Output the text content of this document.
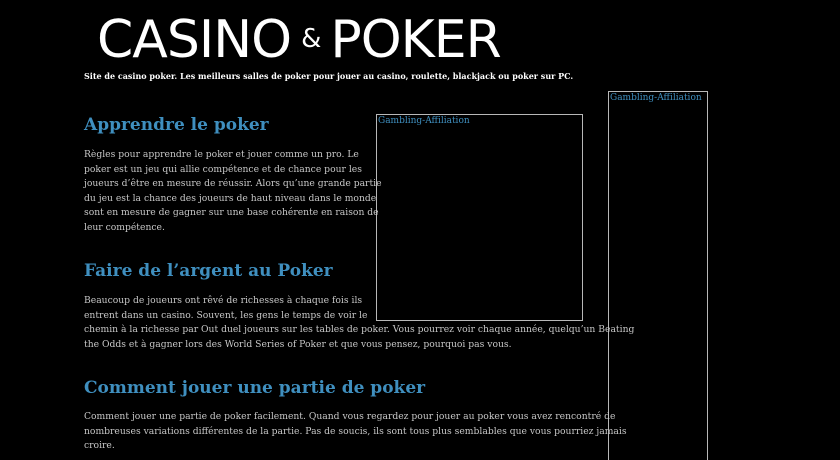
CASINO & POKER
Site de casino poker. Les meilleurs salles de poker pour jouer au casino, roulette, blackjack ou poker sur PC.
Gambling-Affiliation
Gambling-Affiliation
Apprendre le poker
Règles pour apprendre le poker et jouer comme un pro. Le
poker est un jeu qui allie compétence et de chance pour les
joueurs d’être en mesure de réussir. Alors qu’une grande partie
du jeu est la chance des joueurs de haut niveau dans le monde
sont en mesure de gagner sur une base cohérente en raison de
leur compétence.
Faire de l’argent au Poker
Beaucoup de joueurs ont rêvé de richesses à chaque fois ils
entrent dans un casino. Souvent, les gens le temps de voir le
chemin à la richesse par Out duel joueurs sur les tables de poker. Vous pourrez voir chaque année, quelqu’un Beating
the Odds et à gagner lors des World Series of Poker et que vous pensez, pourquoi pas vous.
Comment jouer une partie de poker
Comment jouer une partie de poker facilement. Quand vous regardez pour jouer au poker vous avez rencontré de
nombreuses variations différentes de la partie. Pas de soucis, ils sont tous plus semblables que vous pourriez jamais
croire.
